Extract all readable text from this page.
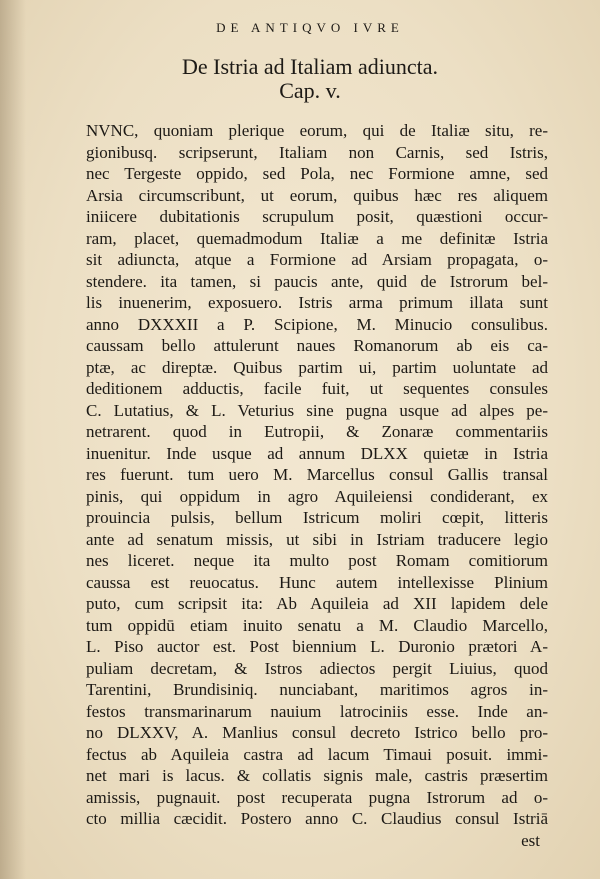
DE ANTIQVO IVRE
De Istria ad Italiam adiuncta.
Cap. v.
NVNC, quoniam plerique eorum, qui de Italiæ situ, re-
gionibusq. scripserunt, Italiam non Carnis, sed Istris,
nec Tergeste oppido, sed Pola, nec Formione amne, sed
Arsia circumscribunt, ut eorum, quibus hæc res aliquem
iniicere dubitationis scrupulum posit, quæstioni occur-
ram, placet, quemadmodum Italiæ a me definitæ Istria
sit adiuncta, atque a Formione ad Arsiam propagata, o-
stendere. ita tamen, si paucis ante, quid de Istrorum bel-
lis inuenerim, exposuero. Istris arma primum illata sunt
anno DXXXII a P. Scipione, M. Minucio consulibus.
caussam bello attulerunt naues Romanorum ab eis ca-
ptæ, ac direptæ. Quibus partim ui, partim uoluntate ad
deditionem adductis, facile fuit, ut sequentes consules
C. Lutatius, & L. Veturius sine pugna usque ad alpes pe-
netrarent. quod in Eutropii, & Zonaræ commentariis
inuenitur. Inde usque ad annum DLXX quietæ in Istria
res fuerunt. tum uero M. Marcellus consul Gallis transal
pinis, qui oppidum in agro Aquileiensi condiderant, ex
prouincia pulsis, bellum Istricum moliri cœpit, litteris
ante ad senatum missis, ut sibi in Istriam traducere legio
nes liceret. neque ita multo post Romam comitiorum
caussa est reuocatus. Hunc autem intellexisse Plinium
puto, cum scripsit ita: Ab Aquileia ad XII lapidem dele
tum oppidū etiam inuito senatu a M. Claudio Marcello,
L. Piso auctor est. Post biennium L. Duronio prætori A-
puliam decretam, & Istros adiectos pergit Liuius, quod
Tarentini, Brundisiniq. nunciabant, maritimos agros in-
festos transmarinarum nauium latrociniis esse. Inde an-
no DLXXV, A. Manlius consul decreto Istrico bello pro-
fectus ab Aquileia castra ad lacum Timaui posuit. immi-
net mari is lacus. & collatis signis male, castris præsertim
amissis, pugnauit. post recuperata pugna Istrorum ad o-
cto millia cæcidit. Postero anno C. Claudius consul Istriā
est
